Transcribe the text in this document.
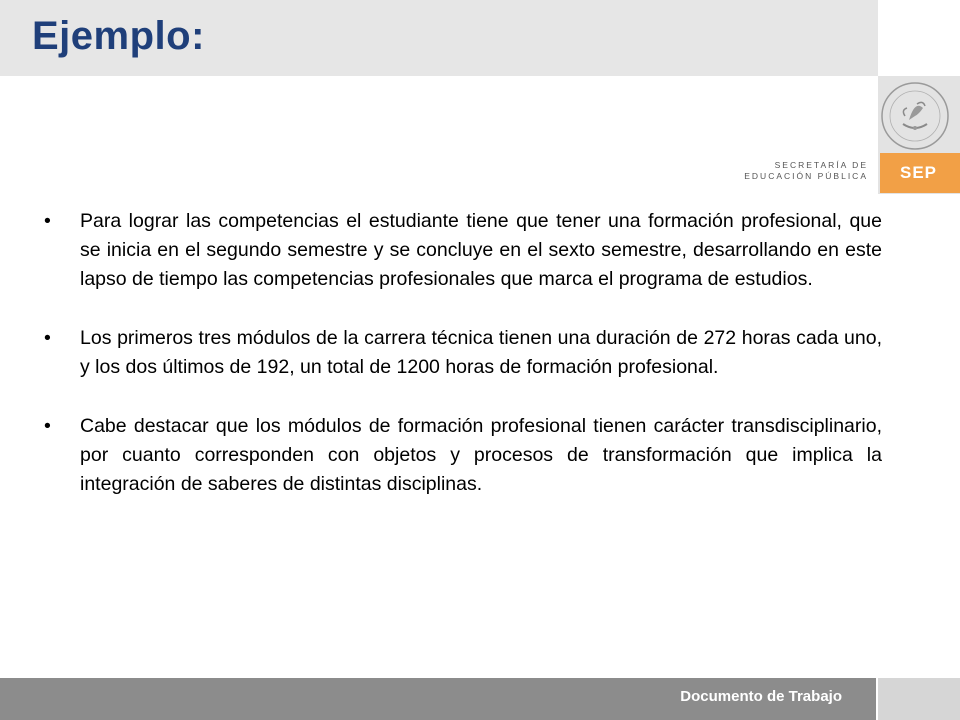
Ejemplo:
SECRETARÍA DE
EDUCACIÓN PÚBLICA	SEP
• Para lograr las competencias el estudiante tiene que tener una formación profesional, que se inicia en el segundo semestre y se concluye en el sexto semestre, desarrollando en este lapso de tiempo las competencias profesionales que marca el programa de estudios.
• Los primeros tres módulos de la carrera técnica tienen una duración de 272 horas cada uno, y los dos últimos de 192, un total de 1200 horas de formación profesional.
• Cabe destacar que los módulos de formación profesional tienen carácter transdisciplinario, por cuanto corresponden con objetos y procesos de transformación que implica la integración de saberes de distintas disciplinas.
Documento de Trabajo
